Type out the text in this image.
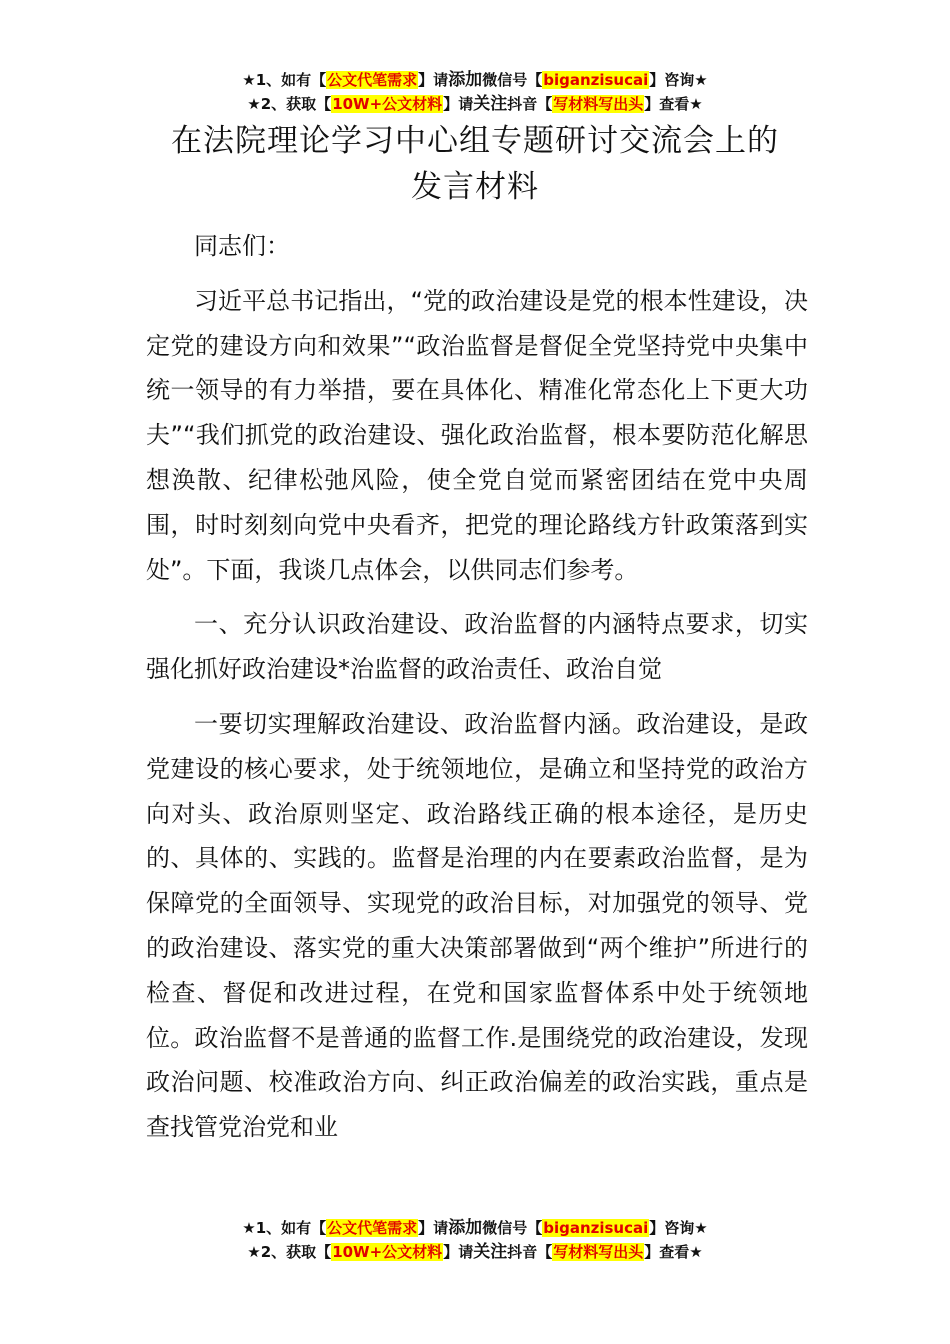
★1、如有【公文代笔需求】请添加微信号【biganzisucai】咨询★
★2、获取【10W+公文材料】请关注抖音【写材料写出头】查看★
在法院理论学习中心组专题研讨交流会上的
发言材料

同志们：

习近平总书记指出，“党的政治建设是党的根本性建设，决定党的建设方向和效果”“政治监督是督促全党坚持党中央集中统一领导的有力举措，要在具体化、精准化常态化上下更大功夫”“我们抓党的政治建设、强化政治监督，根本要防范化解思想涣散、纪律松弛风险，使全党自觉而紧密团结在党中央周围，时时刻刻向党中央看齐，把党的理论路线方针政策落到实处”。下面，我谈几点体会，以供同志们参考。

一、充分认识政治建设、政治监督的内涵特点要求，切实强化抓好政治建设*治监督的政治责任、政治自觉

一要切实理解政治建设、政治监督内涵。政治建设，是政党建设的核心要求，处于统领地位，是确立和坚持党的政治方向对头、政治原则坚定、政治路线正确的根本途径，是历史的、具体的、实践的。监督是治理的内在要素政治监督，是为保障党的全面领导、实现党的政治目标，对加强党的领导、党的政治建设、落实党的重大决策部署做到“两个维护”所进行的检查、督促和改进过程，在党和国家监督体系中处于统领地位。政治监督不是普通的监督工作.是围绕党的政治建设，发现政治问题、校准政治方向、纠正政治偏差的政治实践，重点是查找管党治党和业

★1、如有【公文代笔需求】请添加微信号【biganzisucai】咨询★
★2、获取【10W+公文材料】请关注抖音【写材料写出头】查看★
